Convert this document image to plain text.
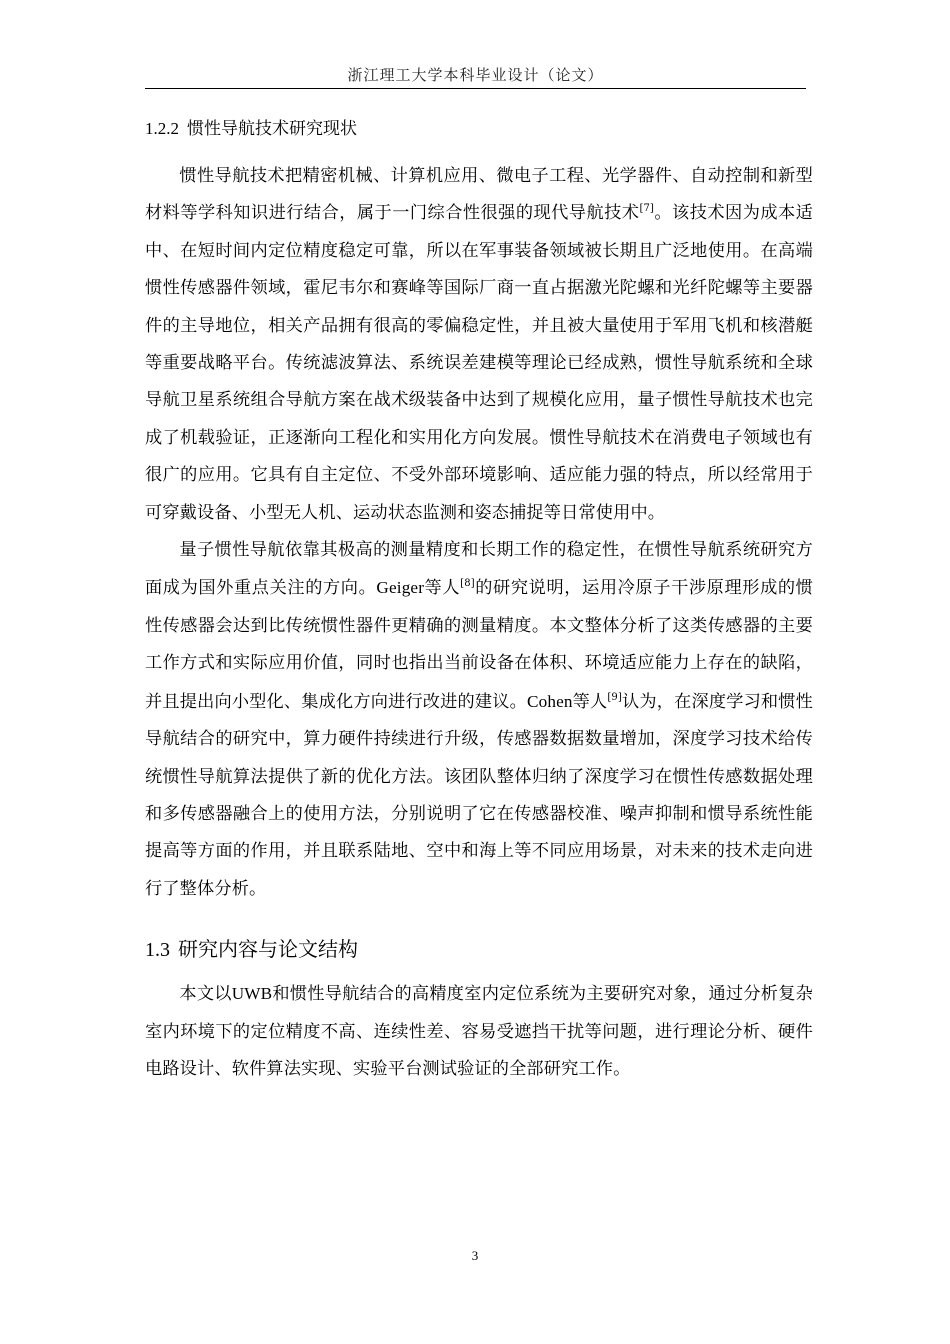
浙江理工大学本科毕业设计（论文）
1.2.2 惯性导航技术研究现状

惯性导航技术把精密机械、计算机应用、微电子工程、光学器件、自动控制和新型材料等学科知识进行结合，属于一门综合性很强的现代导航技术[7]。该技术因为成本适中、在短时间内定位精度稳定可靠，所以在军事装备领域被长期且广泛地使用。在高端惯性传感器件领域，霍尼韦尔和赛峰等国际厂商一直占据激光陀螺和光纤陀螺等主要器件的主导地位，相关产品拥有很高的零偏稳定性，并且被大量使用于军用飞机和核潜艇等重要战略平台。传统滤波算法、系统误差建模等理论已经成熟，惯性导航系统和全球导航卫星系统组合导航方案在战术级装备中达到了规模化应用，量子惯性导航技术也完成了机载验证，正逐渐向工程化和实用化方向发展。惯性导航技术在消费电子领域也有很广的应用。它具有自主定位、不受外部环境影响、适应能力强的特点，所以经常用于可穿戴设备、小型无人机、运动状态监测和姿态捕捉等日常使用中。

量子惯性导航依靠其极高的测量精度和长期工作的稳定性，在惯性导航系统研究方面成为国外重点关注的方向。Geiger等人[8]的研究说明，运用冷原子干涉原理形成的惯性传感器会达到比传统惯性器件更精确的测量精度。本文整体分析了这类传感器的主要工作方式和实际应用价值，同时也指出当前设备在体积、环境适应能力上存在的缺陷，并且提出向小型化、集成化方向进行改进的建议。Cohen等人[9]认为，在深度学习和惯性导航结合的研究中，算力硬件持续进行升级，传感器数据数量增加，深度学习技术给传统惯性导航算法提供了新的优化方法。该团队整体归纳了深度学习在惯性传感数据处理和多传感器融合上的使用方法，分别说明了它在传感器校准、噪声抑制和惯导系统性能提高等方面的作用，并且联系陆地、空中和海上等不同应用场景，对未来的技术走向进行了整体分析。

1.3 研究内容与论文结构

本文以UWB和惯性导航结合的高精度室内定位系统为主要研究对象，通过分析复杂室内环境下的定位精度不高、连续性差、容易受遮挡干扰等问题，进行理论分析、硬件电路设计、软件算法实现、实验平台测试验证的全部研究工作。

3
